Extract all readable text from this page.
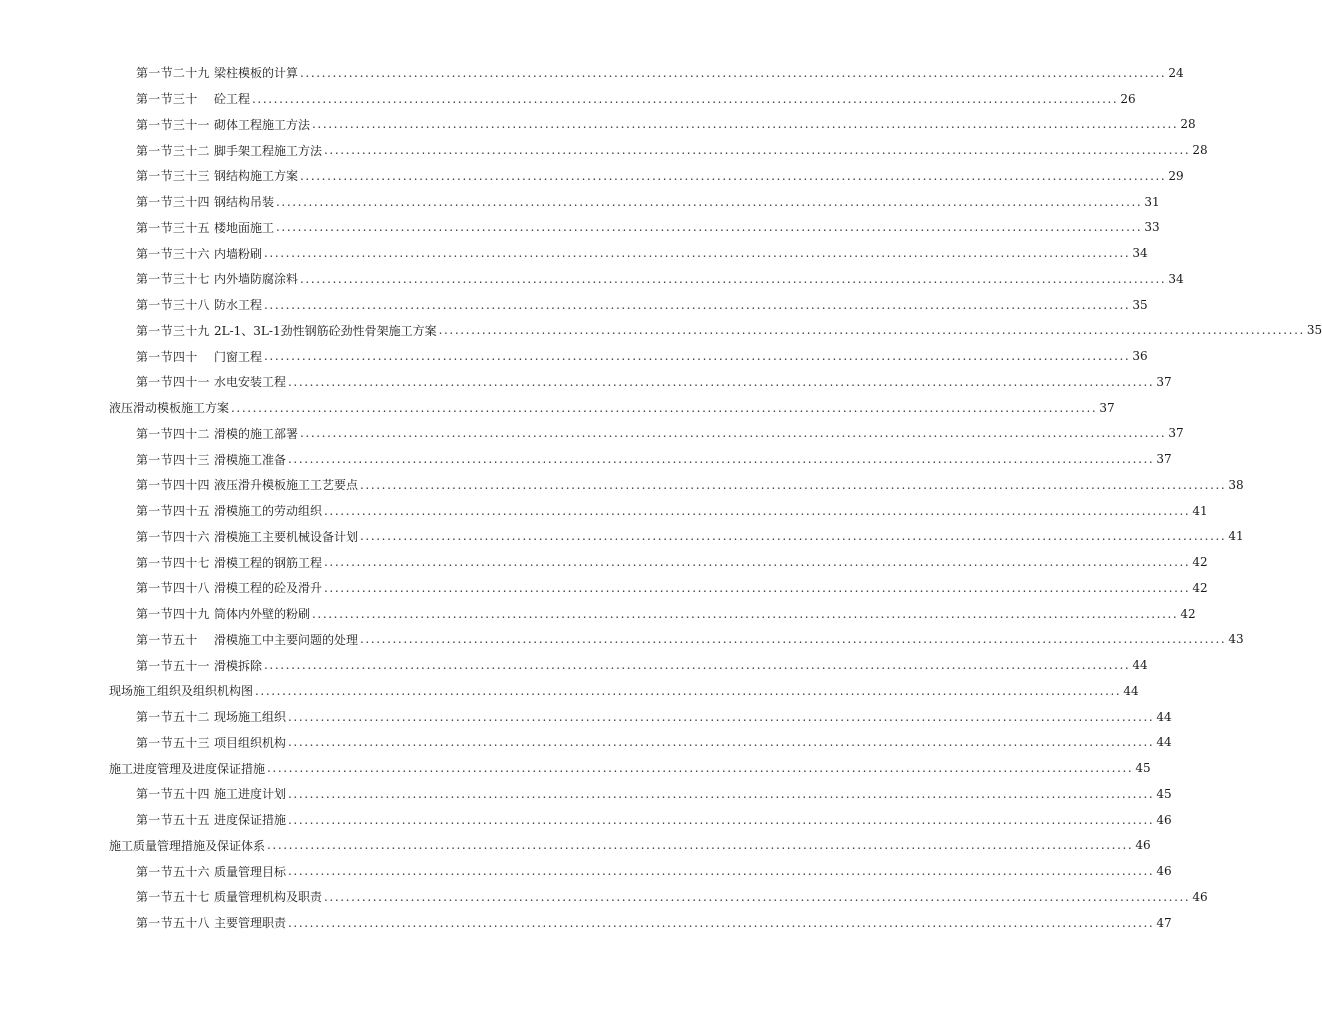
第一节二十九 梁柱模板的计算 ................................................................................................................................................................ 24
第一节三十	砼工程 ................................................................................................................................................................ 26
第一节三十一 砌体工程施工方法 ................................................................................................................................................................ 28
第一节三十二 脚手架工程施工方法 ................................................................................................................................................................ 28
第一节三十三 钢结构施工方案 ................................................................................................................................................................ 29
第一节三十四 钢结构吊装 ................................................................................................................................................................ 31
第一节三十五 楼地面施工 ................................................................................................................................................................ 33
第一节三十六 内墙粉刷 ................................................................................................................................................................ 34
第一节三十七 内外墙防腐涂料 ................................................................................................................................................................ 34
第一节三十八 防水工程 ................................................................................................................................................................ 35
第一节三十九 2L-1、3L-1劲性钢筋砼劲性骨架施工方案 ................................................................................................................................................................ 35
第一节四十	门窗工程 ................................................................................................................................................................ 36
第一节四十一 水电安装工程 ................................................................................................................................................................ 37
液压滑动模板施工方案 ................................................................................................................................................................ 37
第一节四十二 滑模的施工部署 ................................................................................................................................................................ 37
第一节四十三 滑模施工准备 ................................................................................................................................................................ 37
第一节四十四 液压滑升模板施工工艺要点 ................................................................................................................................................................ 38
第一节四十五 滑模施工的劳动组织 ................................................................................................................................................................ 41
第一节四十六 滑模施工主要机械设备计划 ................................................................................................................................................................ 41
第一节四十七 滑模工程的钢筋工程 ................................................................................................................................................................ 42
第一节四十八 滑模工程的砼及滑升 ................................................................................................................................................................ 42
第一节四十九 筒体内外壁的粉刷 ................................................................................................................................................................ 42
第一节五十	滑模施工中主要问题的处理 ................................................................................................................................................................ 43
第一节五十一 滑模拆除 ................................................................................................................................................................ 44
现场施工组织及组织机构图 ................................................................................................................................................................ 44
第一节五十二 现场施工组织 ................................................................................................................................................................ 44
第一节五十三 项目组织机构 ................................................................................................................................................................ 44
施工进度管理及进度保证措施 ................................................................................................................................................................ 45
第一节五十四 施工进度计划 ................................................................................................................................................................ 45
第一节五十五 进度保证措施 ................................................................................................................................................................ 46
施工质量管理措施及保证体系 ................................................................................................................................................................ 46
第一节五十六 质量管理目标 ................................................................................................................................................................ 46
第一节五十七 质量管理机构及职责 ................................................................................................................................................................ 46
第一节五十八 主要管理职责 ................................................................................................................................................................ 47
